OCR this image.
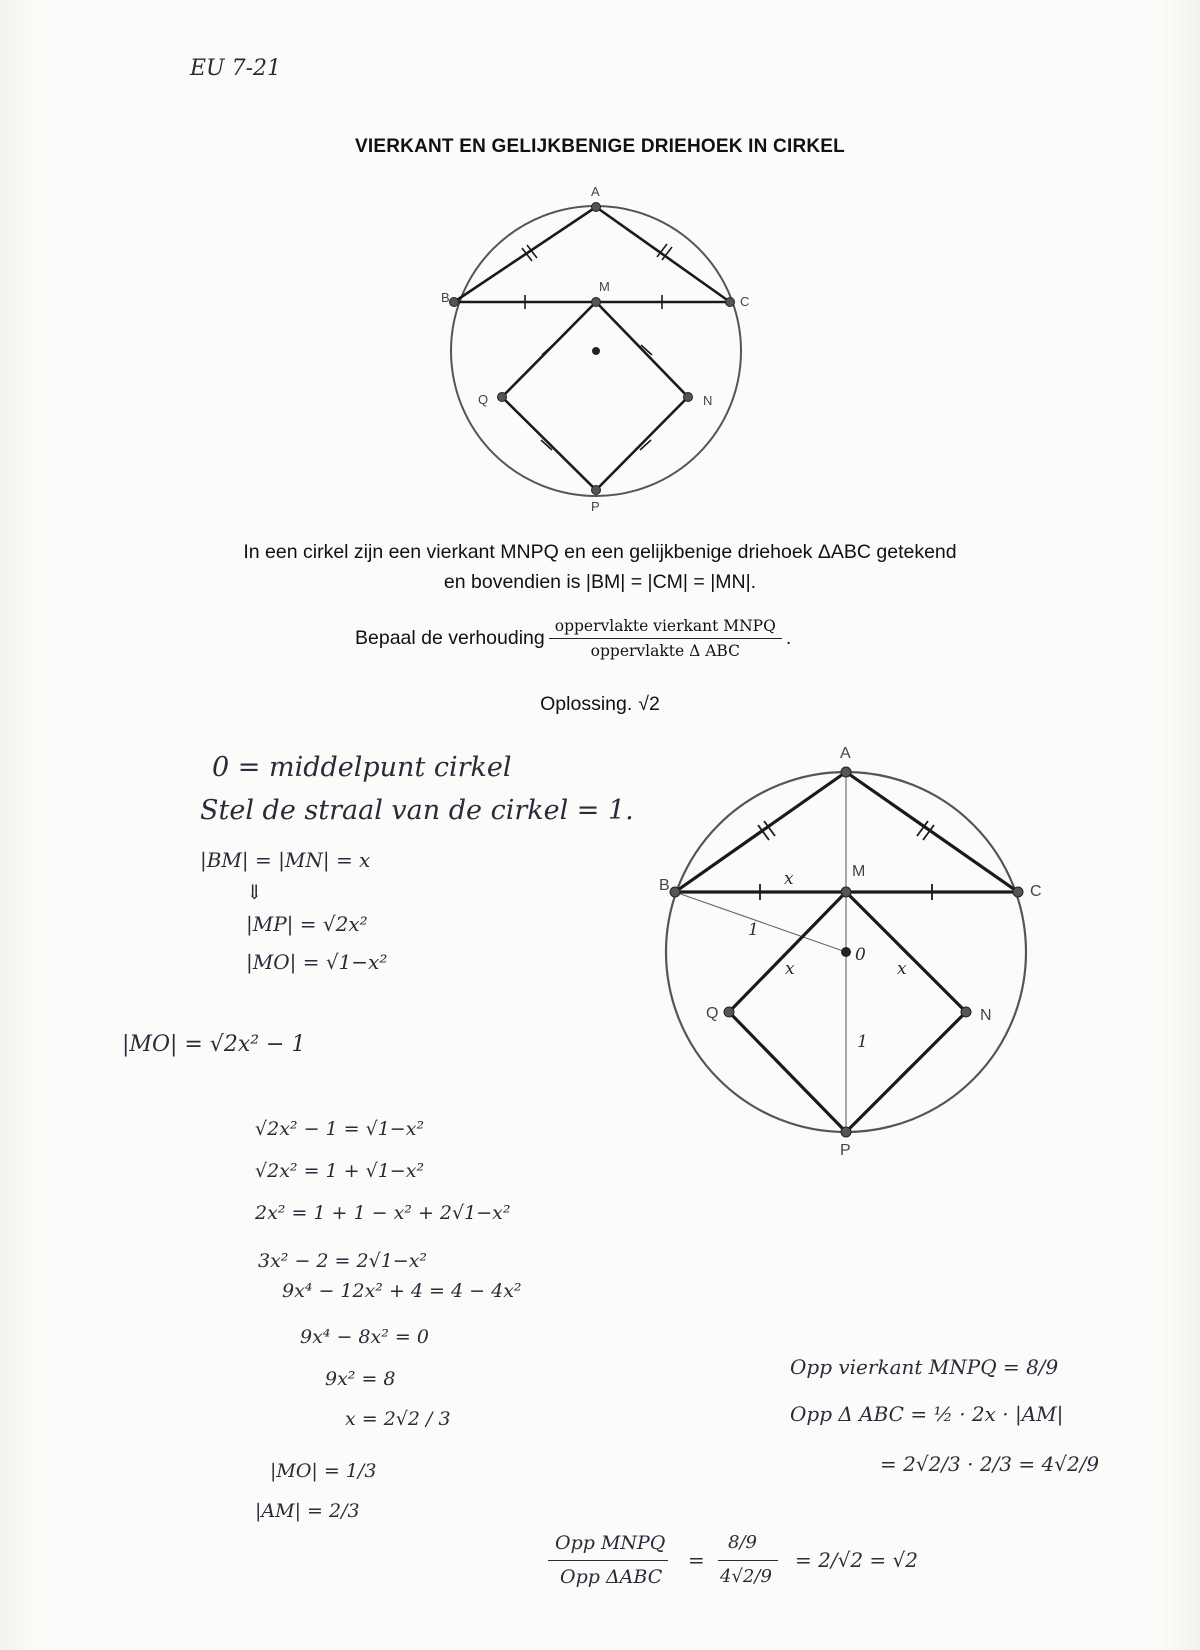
EU 7-21
VIERKANT EN GELIJKBENIGE DRIEHOEK IN CIRKEL
A
B	C
M
N
P
Q
In een cirkel zijn een vierkant MNPQ en een gelijkbenige driehoek ΔABC getekend
en bovendien is |BM| = |CM| = |MN|.
Bepaal de verhouding $\frac{\text{oppervlakte vierkant MNPQ}}{\text{oppervlakte Δ ABC}}$ .
Oplossing. √2
A
B	C
M
N
P
Q
x
x	x
1
1
0
0 = middelpunt cirkel
Stel de straal van de cirkel = 1.
|BM| = |MN| = x
⇓
|MP| = √2x²
|MO| = √1−x²
|MO| = √2x² − 1
√2x² − 1 = √1−x²
√2x² = 1 + √1−x²
2x² = 1 + 1 − x² + 2√1−x²
3x² − 2 = 2√1−x²
9x⁴ − 12x² + 4 = 4 − 4x²
9x⁴ − 8x² = 0
9x² = 8
x = 2√2 / 3
|MO| = 1/3
|AM| = 2/3
Opp vierkant MNPQ = 8/9
Opp Δ ABC = ½ · 2x · |AM|
= 2√2/3 · 2/3 = 4√2/9
Opp MNPQ
Opp ΔABC
=
8/9
4√2/9
= 2/√2 = √2
